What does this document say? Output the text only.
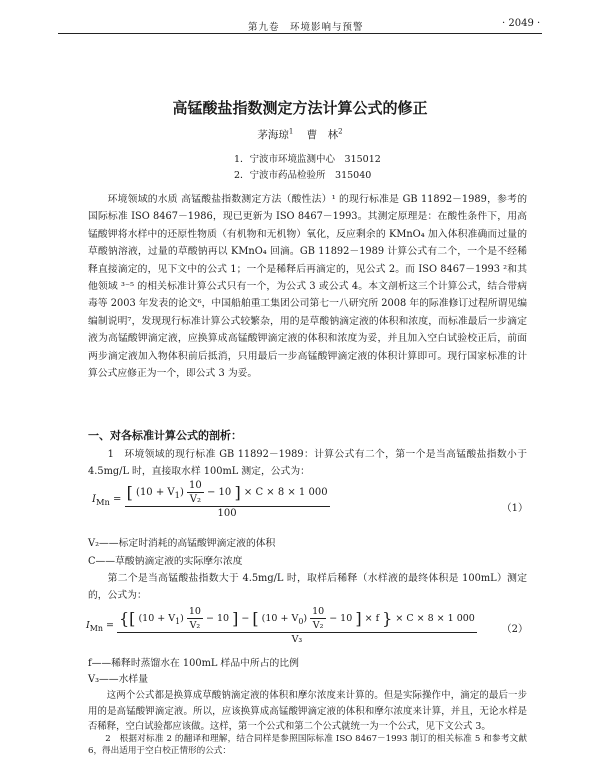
第九卷　环境影响与预警	· 2049 ·
高锰酸盐指数测定方法计算公式的修正
茅海琼$^1$ 曹　林$^2$
1．宁波市环境监测中心　315012
2．宁波市药品检验所　315040

环境领域的水质 高锰酸盐指数测定方法（酸性法）¹ 的现行标准是 GB 11892－1989，参考的国际标准 ISO 8467－1986，现已更新为 ISO 8467－1993。其测定原理是：在酸性条件下，用高锰酸钾将水样中的还原性物质（有机物和无机物）氧化，反应剩余的 KMnO₄ 加入体积准确而过量的草酸钠溶液，过量的草酸钠再以 KMnO₄ 回滴。GB 11892－1989 计算公式有二个，一个是不经稀释直接滴定的，见下文中的公式 1；一个是稀释后再滴定的，见公式 2。而 ISO 8467－1993 ²和其他领域 ³⁻⁵ 的相关标准计算公式只有一个，为公式 3 或公式 4。本文剖析这三个计算公式，结合带病毒等 2003 年发表的论文⁶，中国船舶重工集团公司第七一八研究所 2008 年的际准修订过程所谓见编编制说明⁷，发现现行标准计算公式较繁杂，用的是草酸钠滴定液的体积和浓度，而标准最后一步滴定液为高锰酸钾滴定液，应换算成高锰酸钾滴定液的体积和浓度为妥，并且加入空白试验校正后，前面两步滴定液加入物体积前后抵消，只用最后一步高锰酸钾滴定液的体积计算即可。现行国家标准的计算公式应修正为一个，即公式 3 为妥。

一、对各标准计算公式的剖析：

1　环境领域的现行标准 GB 11892－1989：计算公式有二个，第一个是当高锰酸盐指数小于 4.5mg/L 时，直接取水样 100mL 测定，公式为：

$I_{Mn}$ = [ $(10 + V_1) \frac{10}{\text{V₂}} - 10$ ] × C × 8 × 1 000
100	（1）
V₂——标定时消耗的高锰酸钾滴定液的体积
C——草酸钠滴定液的实际摩尔浓度

第二个是当高锰酸盐指数大于 4.5mg/L 时，取样后稀释（水样液的最终体积是 100mL）测定的，公式为：

$I_{Mn}$ = {[ $(10 + V_1) \frac{10}{\text{V₂}} - 10$ ] − [ $(10 + V_0) \frac{10}{\text{V₂}} - 10$ ] × f } × C × 8 × 1 000
V₃
（2）
f——稀释时蒸馏水在 100mL 样品中所占的比例
V₃——水样量

这两个公式都是换算成草酸钠滴定液的体积和摩尔浓度来计算的。但是实际操作中，滴定的最后一步用的是高锰酸钾滴定液。所以，应该换算成高锰酸钾滴定液的体积和摩尔浓度来计算，并且，无论水样是否稀释，空白试验都应该做。这样，第一个公式和第二个公式就统一为一个公式，见下文公式 3。

2　根据对标准 2 的翻译和理解，结合同样是参照国际标准 ISO 8467－1993 制订的相关标准 5 和参考文献 6，得出适用于空白校正情形的公式：
